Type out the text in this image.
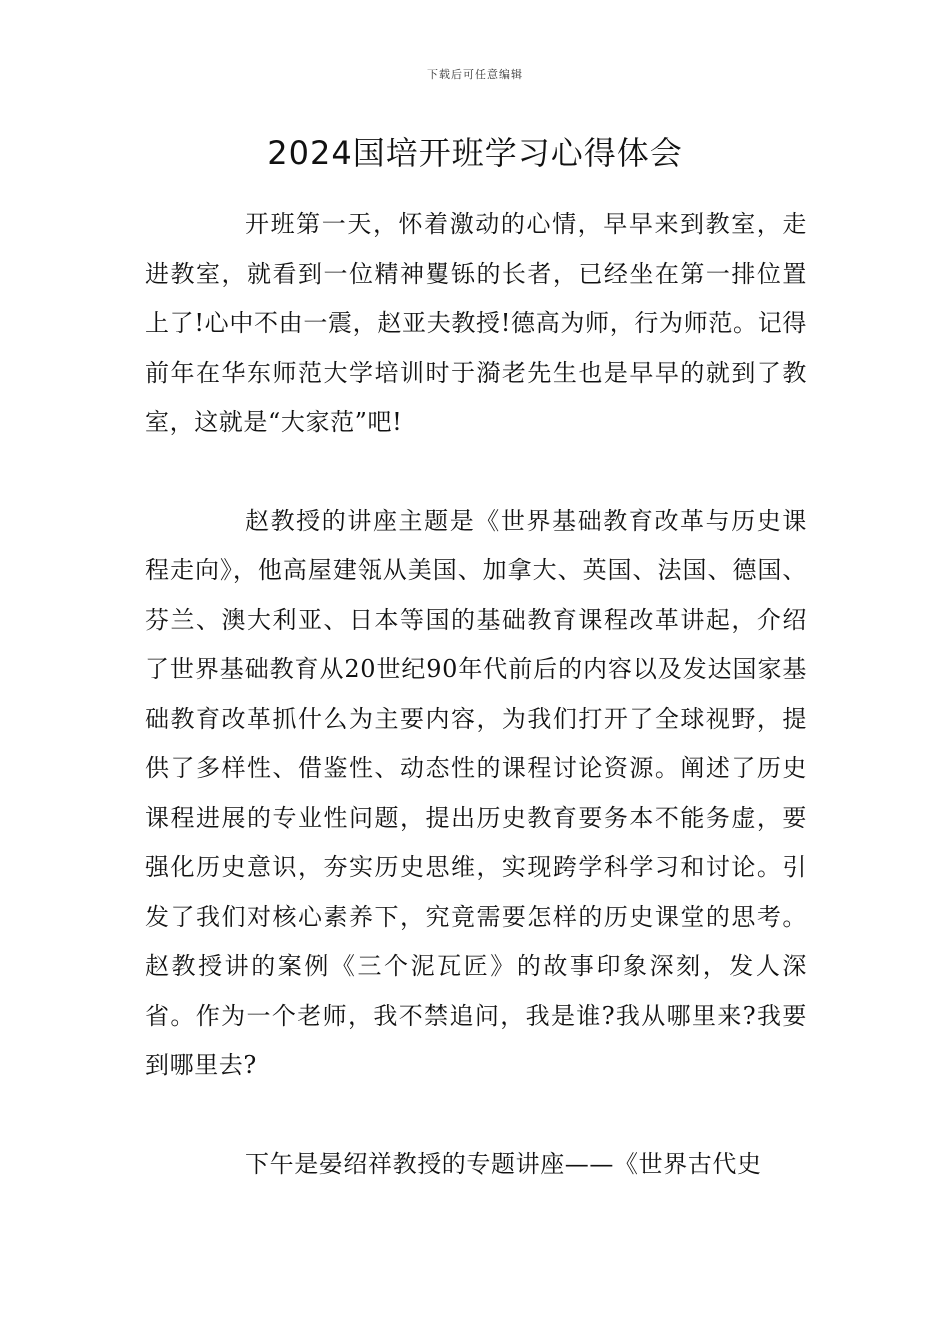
下载后可任意编辑
2024国培开班学习心得体会

开班第一天，怀着激动的心情，早早来到教室，走进教室，就看到一位精神矍铄的长者，已经坐在第一排位置上了!心中不由一震，赵亚夫教授!德高为师，行为师范。记得前年在华东师范大学培训时于漪老先生也是早早的就到了教室，这就是“大家范”吧!

赵教授的讲座主题是《世界基础教育改革与历史课程走向》，他高屋建瓴从美国、加拿大、英国、法国、德国、芬兰、澳大利亚、日本等国的基础教育课程改革讲起，介绍了世界基础教育从20世纪90年代前后的内容以及发达国家基础教育改革抓什么为主要内容，为我们打开了全球视野，提供了多样性、借鉴性、动态性的课程讨论资源。阐述了历史课程进展的专业性问题，提出历史教育要务本不能务虚，要强化历史意识，夯实历史思维，实现跨学科学习和讨论。引发了我们对核心素养下，究竟需要怎样的历史课堂的思考。赵教授讲的案例《三个泥瓦匠》的故事印象深刻，发人深省。作为一个老师，我不禁追问，我是谁?我从哪里来?我要到哪里去?

下午是晏绍祥教授的专题讲座——《世界古代史
